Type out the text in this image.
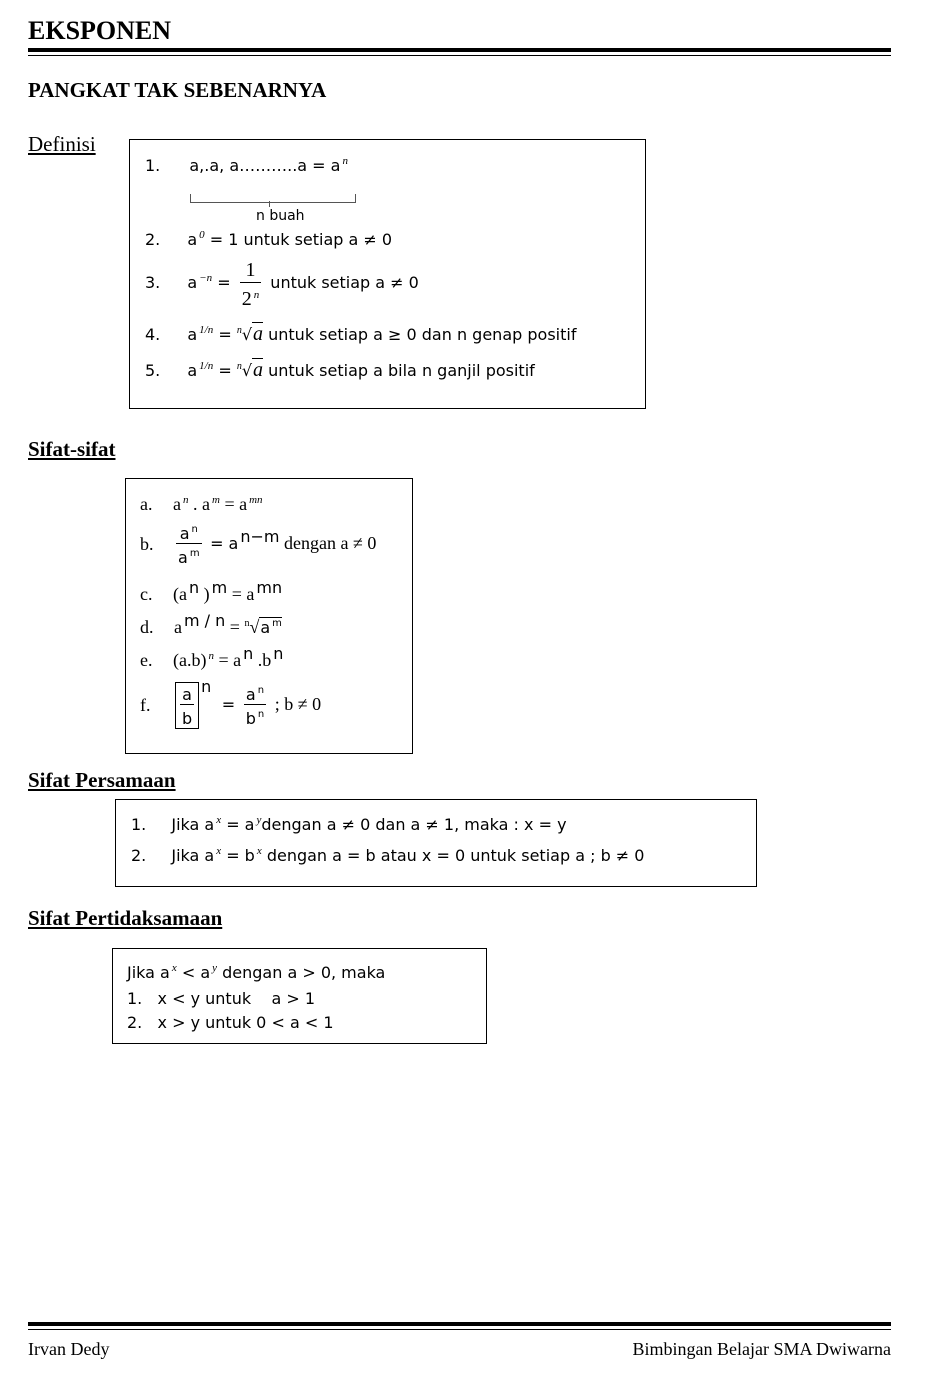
EKSPONEN
PANGKAT TAK SEBENARNYA
Definisi
1. a,.a, a………..a = a $^n$
n buah
2. a $^0$ = 1 untuk setiap a ≠ 0
3. a $^{-n} = \frac{1}{2 ^n}$ untuk setiap a ≠ 0
4. a $^{1/n}$ = $^n$√a untuk setiap a ≥ 0 dan n genap positif
5. a $^{1/n}$ = $^n$√a untuk setiap a bila n ganjil positif
Sifat-sifat
a. a $^n$ . a $^m$ = a $^{mn}$
b. $\frac{a ^n}{a ^m} = a$ $^{n-m}$ dengan a ≠ 0
c. (a $^n$ ) $^m$ = a $^{mn}$
d. a $^{m / n}$ = $^n$√a $^m$
e. (a.b) $^n$ = a $^n$ .b $^n$
f. $\frac{a}{b} ^n = \frac{a ^n}{b ^n}$ ; b ≠ 0
Sifat Persamaan
1. Jika a $^x$ = a $^y$dengan a ≠ 0 dan a ≠ 1, maka : x = y
2. Jika a $^x$ = b $^x$ dengan a = b atau x = 0 untuk setiap a ; b ≠ 0
Sifat Pertidaksamaan
Jika a $^x$ < a $^y$ dengan a > 0, maka
1. x < y untuk    a > 1
2. x > y untuk 0 < a < 1
Irvan Dedy	Bimbingan Belajar SMA Dwiwarna
